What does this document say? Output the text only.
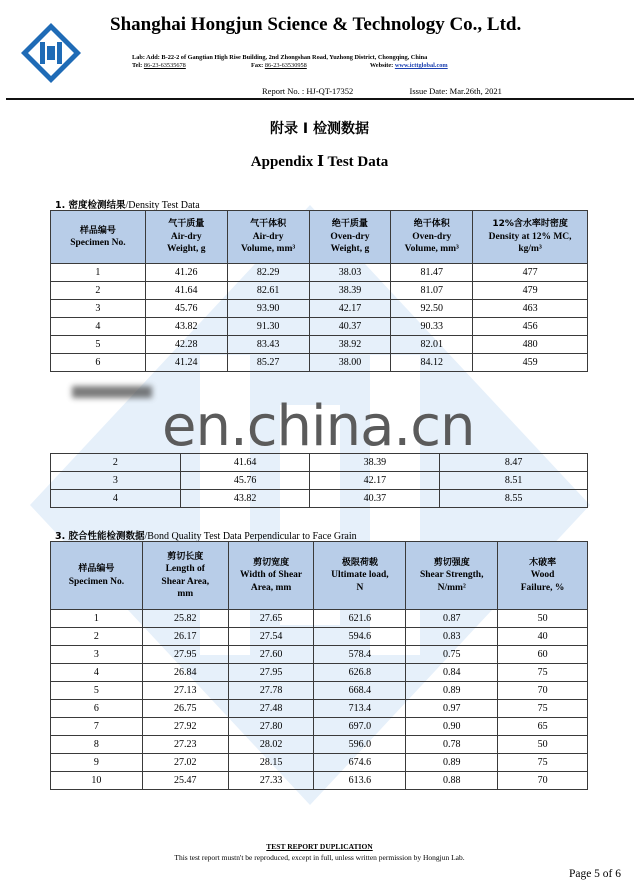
Shanghai Hongjun Science & Technology Co., Ltd.
Lab: Add: B-22-2 of Gangtian High Rise Building, 2nd Zhongshan Road, Yuzhong District, Chongqing, China
Tel: 86-23-63535678	Fax: 86-23-63530958	Website: www.icttglobal.com
Report No. : HJ-QT-17352	Issue Date: Mar.26th, 2021
附录 I 检测数据
Appendix Ⅰ Test Data
1. 密度检测结果/Density Test Data
样品编号
Specimen No.	气干质量
Air-dry
Weight, g	气干体积
Air-dry
Volume, mm³	绝干质量
Oven-dry
Weight, g	绝干体积
Oven-dry
Volume, mm³	12%含水率时密度
Density at 12% MC,
kg/m³
1	41.26	82.29	38.03	81.47	477
2	41.64	82.61	38.39	81.07	479
3	45.76	93.90	42.17	92.50	463
4	43.82	91.30	40.37	90.33	456
5	42.28	83.43	38.92	82.01	480
6	41.24	85.27	38.00	84.12	459
en.china.cn
2	41.64	38.39	8.47
3	45.76	42.17	8.51
4	43.82	40.37	8.55
3. 胶合性能检测数据/Bond Quality Test Data Perpendicular to Face Grain
样品编号
Specimen No.	剪切长度
Length of
Shear Area,
mm	剪切宽度
Width of Shear
Area, mm	极限荷载
Ultimate load,
N	剪切强度
Shear Strength,
N/mm²	木破率
Wood
Failure, %
1	25.82	27.65	621.6	0.87	50
2	26.17	27.54	594.6	0.83	40
3	27.95	27.60	578.4	0.75	60
4	26.84	27.95	626.8	0.84	75
5	27.13	27.78	668.4	0.89	70
6	26.75	27.48	713.4	0.97	75
7	27.92	27.80	697.0	0.90	65
8	27.23	28.02	596.0	0.78	50
9	27.02	28.15	674.6	0.89	75
10	25.47	27.33	613.6	0.88	70
TEST REPORT DUPLICATION
This test report mustn't be reproduced, except in full, unless written permission by Hongjun Lab.
Page 5 of 6
